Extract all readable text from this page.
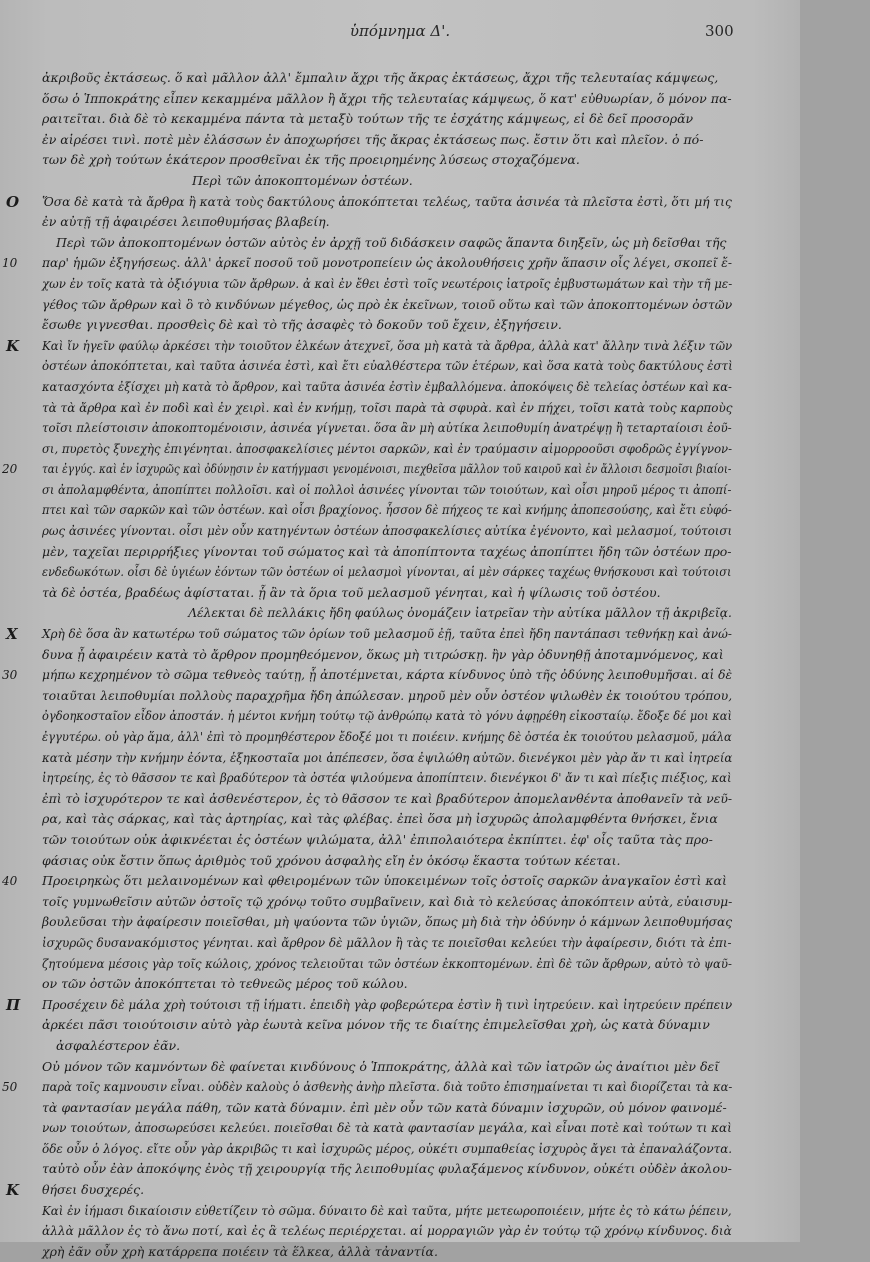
ὑπόμνημα Δ'.	300
ἀκριβοῦς ἐκτάσεως. ὅ καὶ μᾶλλον ἀλλ' ἔμπαλιν ἄχρι τῆς ἄκρας ἐκτάσεως, ἄχρι τῆς τελευταίας κάμψεως,
ὅσω ὁ Ἱπποκράτης εἶπεν κεκαμμένα μᾶλλον ἢ ἄχρι τῆς τελευταίας κάμψεως, ὅ κατ' εὐθυωρίαν, ὅ μόνον πα-
ραιτεῖται. διὰ δὲ τὸ κεκαμμένα πάντα τὰ μεταξὺ τούτων τῆς τε ἐσχάτης κάμψεως, εἰ δὲ δεῖ προσορᾶν
ἐν αἱρέσει τινὶ. ποτὲ μὲν ἐλάσσων ἐν ἀποχωρήσει τῆς ἄκρας ἐκτάσεως πως. ἔστιν ὅτι καὶ πλεῖον. ὁ πό-
των δὲ χρὴ τούτων ἑκάτερον προσθεῖναι ἐκ τῆς προειρημένης λύσεως στοχαζόμενα.
Περὶ τῶν ἀποκοπτομένων ὀστέων.
Ὅσα δὲ κατὰ τὰ ἄρθρα ἢ κατὰ τοὺς δακτύλους ἀποκόπτεται τελέως, ταῦτα ἀσινέα τὰ πλεῖστα ἐστὶ, ὅτι μή τις
Ο
ἐν αὐτῇ τῇ ἀφαιρέσει λειποθυμήσας βλαβείη.
Περὶ τῶν ἀποκοπτομένων ὀστῶν αὐτὸς ἐν ἀρχῇ τοῦ διδάσκειν σαφῶς ἅπαντα διηξεῖν, ὡς μὴ δεῖσθαι τῆς
παρ' ἡμῶν ἐξηγήσεως. ἀλλ' ἀρκεῖ ποσοῦ τοῦ μονοτροπείειν ὡς ἀκολουθήσεις χρῆν ἅπασιν οἷς λέγει, σκοπεῖ ἔ-
10
χων ἐν τοῖς κατὰ τὰ ὀξιόγυια τῶν ἄρθρων. ἀ καὶ ἐν ἔθει ἐστὶ τοῖς νεωτέροις ἰατροῖς ἐμβυστωμάτων καὶ τὴν τῆ με-
γέθος τῶν ἄρθρων καὶ ὃ τὸ κινδύνων μέγεθος, ὡς πρὸ ἐκ ἐκεῖνων, τοιοῦ οὕτω καὶ τῶν ἀποκοπτομένων ὀστῶν
ἔσωθε γιγνεσθαι. προσθεὶς δὲ καὶ τὸ τῆς ἀσαφὲς τὸ δοκοῦν τοῦ ἔχειν, ἐξηγήσειν.
Καὶ ἴν ἡγεῖν φαύλῳ ἀρκέσει τὴν τοιοῦτον ἑλκέων ἀτεχνεῖ, ὅσα μὴ κατὰ τὰ ἄρθρα, ἀλλὰ κατ' ἄλλην τινὰ λέξιν τῶν
Κ
ὀστέων ἀποκόπτεται, καὶ ταῦτα ἀσινέα ἐστὶ, καὶ ἔτι εὐαλθέστερα τῶν ἑτέρων, καὶ ὅσα κατὰ τοὺς δακτύλους ἐστὶ
κατασχόντα ἐξίσχει μὴ κατὰ τὸ ἄρθρον, καὶ ταῦτα ἀσινέα ἐστὶν ἐμβαλλόμενα. ἀποκόψεις δὲ τελείας ὀστέων καὶ κα-
τὰ τὰ ἄρθρα καὶ ἐν ποδὶ καὶ ἐν χειρὶ. καὶ ἐν κνήμῃ, τοῖσι παρὰ τὰ σφυρὰ. καὶ ἐν πήχει, τοῖσι κατὰ τοὺς καρποὺς
τοῖσι πλείστοισιν ἀποκοπτομένοισιν, ἀσινέα γίγνεται. ὅσα ἂν μὴ αὐτίκα λειποθυμίη ἀνατρέψῃ ἢ τεταρταίοισι ἐοῦ-
σι, πυρετὸς ξυνεχὴς ἐπιγένηται. ἀποσφακελίσιες μέντοι σαρκῶν, καὶ ἐν τραύμασιν αἱμορροοῦσι σφοδρῶς ἐγγίγνον-
ται ἐγγύς. καὶ ἐν ἰσχυρῶς καὶ ὀδύνῃσιν ἐν κατήγμασι γενομένοισι, πιεχθεῖσα μᾶλλον τοῦ καιροῦ καὶ ἐν ἄλλοισι δεσμοῖσι βιαίοι-
20
σι ἀπολαμφθέντα, ἀποπίπτει πολλοῖσι. καὶ οἱ πολλοὶ ἀσινέες γίνονται τῶν τοιούτων, καὶ οἷσι μηροῦ μέρος τι ἀποπί-
πτει καὶ τῶν σαρκῶν καὶ τῶν ὀστέων. καὶ οἷσι βραχίονος. ἧσσον δὲ πήχεος τε καὶ κνήμης ἀποπεσούσης, καὶ ἔτι εὐφό-
ρως ἀσινέες γίνονται. οἷσι μὲν οὖν κατηγέντων ὀστέων ἀποσφακελίσιες αὐτίκα ἐγένοντο, καὶ μελασμοί, τούτοισι
μὲν, ταχεῖαι περιρρήξιες γίνονται τοῦ σώματος καὶ τὰ ἀποπίπτοντα ταχέως ἀποπίπτει ἤδη τῶν ὀστέων προ-
ενδεδωκότων. οἷσι δὲ ὑγιέων ἐόντων τῶν ὀστέων οἱ μελασμοὶ γίνονται, αἱ μὲν σάρκες ταχέως θνήσκουσι καὶ τούτοισι
τὰ δὲ ὀστέα, βραδέως ἀφίσταται. ᾗ ἂν τὰ ὅρια τοῦ μελασμοῦ γένηται, καὶ ἡ ψίλωσις τοῦ ὀστέου.
Λέλεκται δὲ πελλάκις ἤδη φαύλως ὀνομάζειν ἰατρεῖαν τὴν αὐτίκα μᾶλλον τῇ ἀκριβεῖᾳ.
Χρὴ δὲ ὅσα ἂν κατωτέρω τοῦ σώματος τῶν ὁρίων τοῦ μελασμοῦ ἐῇ, ταῦτα ἐπεὶ ἤδη παντάπασι τεθνήκῃ καὶ ἀνώ-
Χ
δυνα ᾖ ἀφαιρέειν κατὰ τὸ ἄρθρον προμηθεόμενον, ὅκως μὴ τιτρώσκῃ. ἢν γὰρ ὀδυνηθῇ ἀποταμνόμενος, καὶ
μήπω κεχρημένον τὸ σῶμα τεθνεὸς ταύτῃ, ᾗ ἀποτέμνεται, κάρτα κίνδυνος ὑπὸ τῆς ὀδύνης λειποθυμῆσαι. αἱ δὲ
30
τοιαῦται λειποθυμίαι πολλοὺς παραχρῆμα ἤδη ἀπώλεσαν. μηροῦ μὲν οὖν ὀστέον ψιλωθὲν ἐκ τοιούτου τρόπου,
ὀγδοηκοσταῖον εἶδον ἀποστάν. ἡ μέντοι κνήμη τούτῳ τῷ ἀνθρώπῳ κατὰ τὸ γόνυ ἀφῃρέθη εἰκοσταίῳ. ἔδοξε δέ μοι καὶ
ἐγγυτέρω. οὐ γὰρ ἅμα, ἀλλ' ἐπὶ τὸ προμηθέστερον ἔδοξέ μοι τι ποιέειν. κνήμης δὲ ὀστέα ἐκ τοιούτου μελασμοῦ, μάλα
κατὰ μέσην τὴν κνήμην ἐόντα, ἑξηκοσταῖα μοι ἀπέπεσεν, ὅσα ἐψιλώθη αὐτῶν. διενέγκοι μὲν γὰρ ἄν τι καὶ ἰητρεία
ἰητρείης, ἐς τὸ θᾶσσον τε καὶ βραδύτερον τὰ ὀστέα ψιλούμενα ἀποπίπτειν. διενέγκοι δ' ἄν τι καὶ πίεξις πιέξιος, καὶ
ἐπὶ τὸ ἰσχυρότερον τε καὶ ἀσθενέστερον, ἐς τὸ θᾶσσον τε καὶ βραδύτερον ἀπομελανθέντα ἀποθανεῖν τὰ νεῦ-
ρα, καὶ τὰς σάρκας, καὶ τὰς ἀρτηρίας, καὶ τὰς φλέβας. ἐπεὶ ὅσα μὴ ἰσχυρῶς ἀπολαμφθέντα θνήσκει, ἔνια
τῶν τοιούτων οὐκ ἀφικνέεται ἐς ὀστέων ψιλώματα, ἀλλ' ἐπιπολαιότερα ἐκπίπτει. ἐφ' οἷς ταῦτα τὰς προ-
φάσιας οὐκ ἔστιν ὅπως ἀριθμὸς τοῦ χρόνου ἀσφαλὴς εἴη ἐν ὁκόσῳ ἕκαστα τούτων κέεται.
Προειρηκὼς ὅτι μελαινομένων καὶ φθειρομένων τῶν ὑποκειμένων τοῖς ὀστοῖς σαρκῶν ἀναγκαῖον ἐστὶ καὶ
40
τοῖς γυμνωθεῖσιν αὐτῶν ὀστοῖς τῷ χρόνῳ τοῦτο συμβαῖνειν, καὶ διὰ τὸ κελεύσας ἀποκόπτειν αὐτὰ, εὐαισυμ-
βουλεῦσαι τὴν ἀφαίρεσιν ποιεῖσθαι, μὴ ψαύοντα τῶν ὑγιῶν, ὅπως μὴ διὰ τὴν ὀδύνην ὁ κάμνων λειποθυμήσας
ἰσχυρῶς δυσανακόμιστος γένηται. καὶ ἄρθρον δὲ μᾶλλον ἢ τὰς τε ποιεῖσθαι κελεύει τὴν ἀφαίρεσιν, διότι τὰ ἐπι-
ζητούμενα μέσοις γὰρ τοῖς κώλοις, χρόνος τελειοῦται τῶν ὀστέων ἐκκοπτομένων. ἐπὶ δὲ τῶν ἄρθρων, αὐτὸ τὸ ψαῦ-
ον τῶν ὀστῶν ἀποκόπτεται τὸ τεθνεῶς μέρος τοῦ κώλου.
Προσέχειν δὲ μάλα χρὴ τούτοισι τῇ ἰήματι. ἐπειδὴ γὰρ φοβερώτερα ἐστὶν ἢ τινὶ ἰητρεύειν. καὶ ἰητρεύειν πρέπειν
Π
ἀρκέει πᾶσι τοιούτοισιν αὐτὸ γὰρ ἑωυτὰ κεῖνα μόνον τῆς τε διαίτης ἐπιμελεῖσθαι χρὴ, ὡς κατὰ δύναμιν
ἀσφαλέστερον ἐᾶν.
Οὐ μόνον τῶν καμνόντων δὲ φαίνεται κινδύνους ὁ Ἱπποκράτης, ἀλλὰ καὶ τῶν ἰατρῶν ὡς ἀναίτιοι μὲν δεῖ
παρὰ τοῖς καμνουσιν εἶναι. οὐδὲν καλοὺς ὁ ἀσθενὴς ἀνὴρ πλεῖστα. διὰ τοῦτο ἐπισημαίνεται τι καὶ διορίζεται τὰ κα-
50
τὰ φαντασίαν μεγάλα πάθη, τῶν κατὰ δύναμιν. ἐπὶ μὲν οὖν τῶν κατὰ δύναμιν ἰσχυρῶν, οὐ μόνον φαινομέ-
νων τοιούτων, ἀποσωρεύσει κελεύει. ποιεῖσθαι δὲ τὰ κατὰ φαντασίαν μεγάλα, καὶ εἶναι ποτὲ καὶ τούτων τι καὶ
ὅδε οὖν ὁ λόγος. εἴτε οὖν γὰρ ἀκριβῶς τι καὶ ἰσχυρῶς μέρος, οὐκέτι συμπαθείας ἰσχυρὸς ἄγει τὰ ἐπαναλάζοντα.
ταὐτὸ οὖν ἐὰν ἀποκόψης ἐνὸς τῇ χειρουργίᾳ τῆς λειποθυμίας φυλαξάμενος κίνδυνον, οὐκέτι οὐδὲν ἀκολου-
θήσει δυσχερές.
Κ
Καὶ ἐν ἰήμασι δικαίοισιν εὐθετίζειν τὸ σῶμα. δύναιτο δὲ καὶ ταῦτα, μήτε μετεωροποιέειν, μήτε ἐς τὸ κάτω ῥέπειν,
ἀλλὰ μᾶλλον ἐς τὸ ἄνω ποτί, καὶ ἐς ἃ τελέως περιέρχεται. αἱ μορραγιῶν γὰρ ἐν τούτῳ τῷ χρόνῳ κίνδυνος. διὰ
χρὴ ἐᾶν οὖν χρὴ κατάρρεπα ποιέειν τὰ ἕλκεα, ἀλλὰ τἀναντία.
